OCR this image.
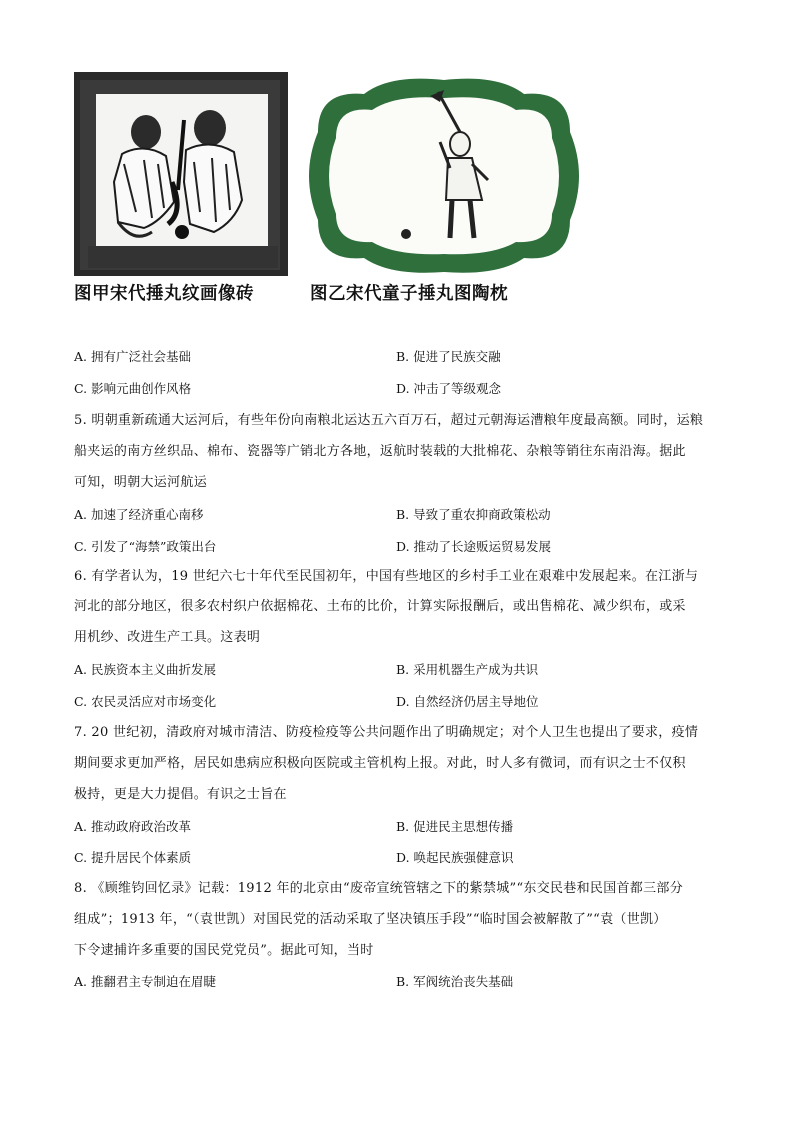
图甲宋代捶丸纹画像砖	图乙宋代童子捶丸图陶枕
A. 拥有广泛社会基础	B. 促进了民族交融
C. 影响元曲创作风格	D. 冲击了等级观念
5. 明朝重新疏通大运河后，有些年份向南粮北运达五六百万石，超过元朝海运漕粮年度最高额。同时，运粮
船夹运的南方丝织品、棉布、瓷器等广销北方各地，返航时装载的大批棉花、杂粮等销往东南沿海。据此
可知，明朝大运河航运
A. 加速了经济重心南移	B. 导致了重农抑商政策松动
C. 引发了“海禁”政策出台	D. 推动了长途贩运贸易发展
6. 有学者认为，19 世纪六七十年代至民国初年，中国有些地区的乡村手工业在艰难中发展起来。在江浙与
河北的部分地区，很多农村织户依据棉花、土布的比价，计算实际报酬后，或出售棉花、减少织布，或采
用机纱、改进生产工具。这表明
A. 民族资本主义曲折发展	B. 采用机器生产成为共识
C. 农民灵活应对市场变化	D. 自然经济仍居主导地位
7. 20 世纪初，清政府对城市清洁、防疫检疫等公共问题作出了明确规定；对个人卫生也提出了要求，疫情
期间要求更加严格，居民如患病应积极向医院或主管机构上报。对此，时人多有微词，而有识之士不仅积
极持，更是大力提倡。有识之士旨在
A. 推动政府政治改革	B. 促进民主思想传播
C. 提升居民个体素质	D. 唤起民族强健意识
8. 《顾维钧回忆录》记载：1912 年的北京由“废帝宣统管辖之下的紫禁城”“东交民巷和民国首都三部分
组成”；1913 年，“（袁世凯）对国民党的活动采取了坚决镇压手段”“临时国会被解散了”“袁（世凯）
下令逮捕许多重要的国民党党员”。据此可知，当时
A. 推翻君主专制迫在眉睫	B. 军阀统治丧失基础
